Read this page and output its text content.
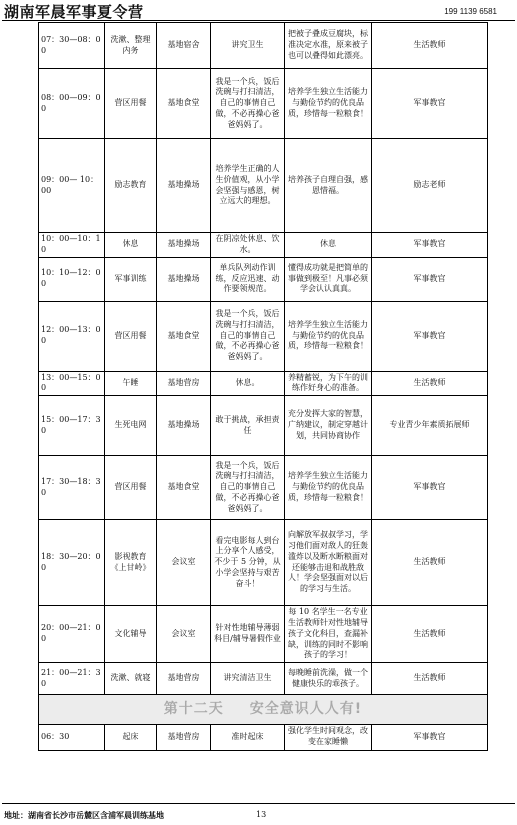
湖南军晨军事夏令营	199 1139 6581
07：30—08：00	洗漱、整理内务	基地宿舍	讲究卫生	把被子叠成豆腐块，标准决定水准，原来被子也可以叠得如此漂亮。	生活教师
08：00—09：00	营区用餐	基地食堂	我是一个兵，饭后洗碗与打扫清洁， 自己的事情自己做，不必再操心爸爸妈妈了。	培养学生独立生活能力与勤俭节约的优良品质，珍惜每一粒粮食！	军事教官
09：00— 10：00	励志教育	基地操场	培养学生正确的人生价值观，从小学会坚强与感恩，树立远大的理想。	培养孩子自理自强，感恩惜福。	励志老师
10：00—10：10	休息	基地操场	在阴凉处休息、饮水。	休息	军事教官
10：10—12：00	军事训练	基地操场	单兵队列动作训练，反应迅速、动作要领规范。	懂得成功就是把简单的事做到极至！凡事必须学会认认真真。	军事教官
12：00—13：00	营区用餐	基地食堂	我是一个兵，饭后洗碗与打扫清洁， 自己的事情自己做，不必再操心爸爸妈妈了。	培养学生独立生活能力与勤俭节约的优良品质，珍惜每一粒粮食！	军事教官
13：00—15：00	午睡	基地营房	休息。	养精蓄锐，为下午的训练作好身心的准备。	生活教师
15：00—17：30	生死电网	基地操场	敢于挑战，承担责任	充分发挥大家的智慧，广纳建议，制定穿越计划，共同协商协作	专业青少年素质拓展师
17：30—18：30	营区用餐	基地食堂	我是一个兵，饭后洗碗与打扫清洁， 自己的事情自己做，不必再操心爸爸妈妈了。	培养学生独立生活能力与勤俭节约的优良品质，珍惜每一粒粮食！	军事教官
18：30—20：00	影视教育《上甘岭》	会议室	看完电影每人到台上分享个人感受，不少于 5 分钟，从小学会坚持与艰苦奋斗！	向解放军叔叔学习，学习他们面对敌人的狂轰滥炸以及断水断粮面对还能够击退和战胜敌人！学会坚强面对以后的学习与生活。	生活教师
20：00—21：00	文化辅导	会议室	针对性地辅导薄弱科目/辅导暑假作业	每 10 名学生一名专业生活教师针对性地辅导孩子文化科目，查漏补缺，训练的同时不影响孩子的学习！	生活教师
21：00—21：30	洗漱、就寝	基地营房	讲究清洁卫生	每晚睡前洗澡，做一个健康快乐的乖孩子。	生活教师

第十二天 安全意识人人有!					

06：30	起床	基地营房	准时起床	强化学生时间观念，改变在家睡懒	军事教官
地址：湖南省长沙市岳麓区含浦军晨训练基地	13
